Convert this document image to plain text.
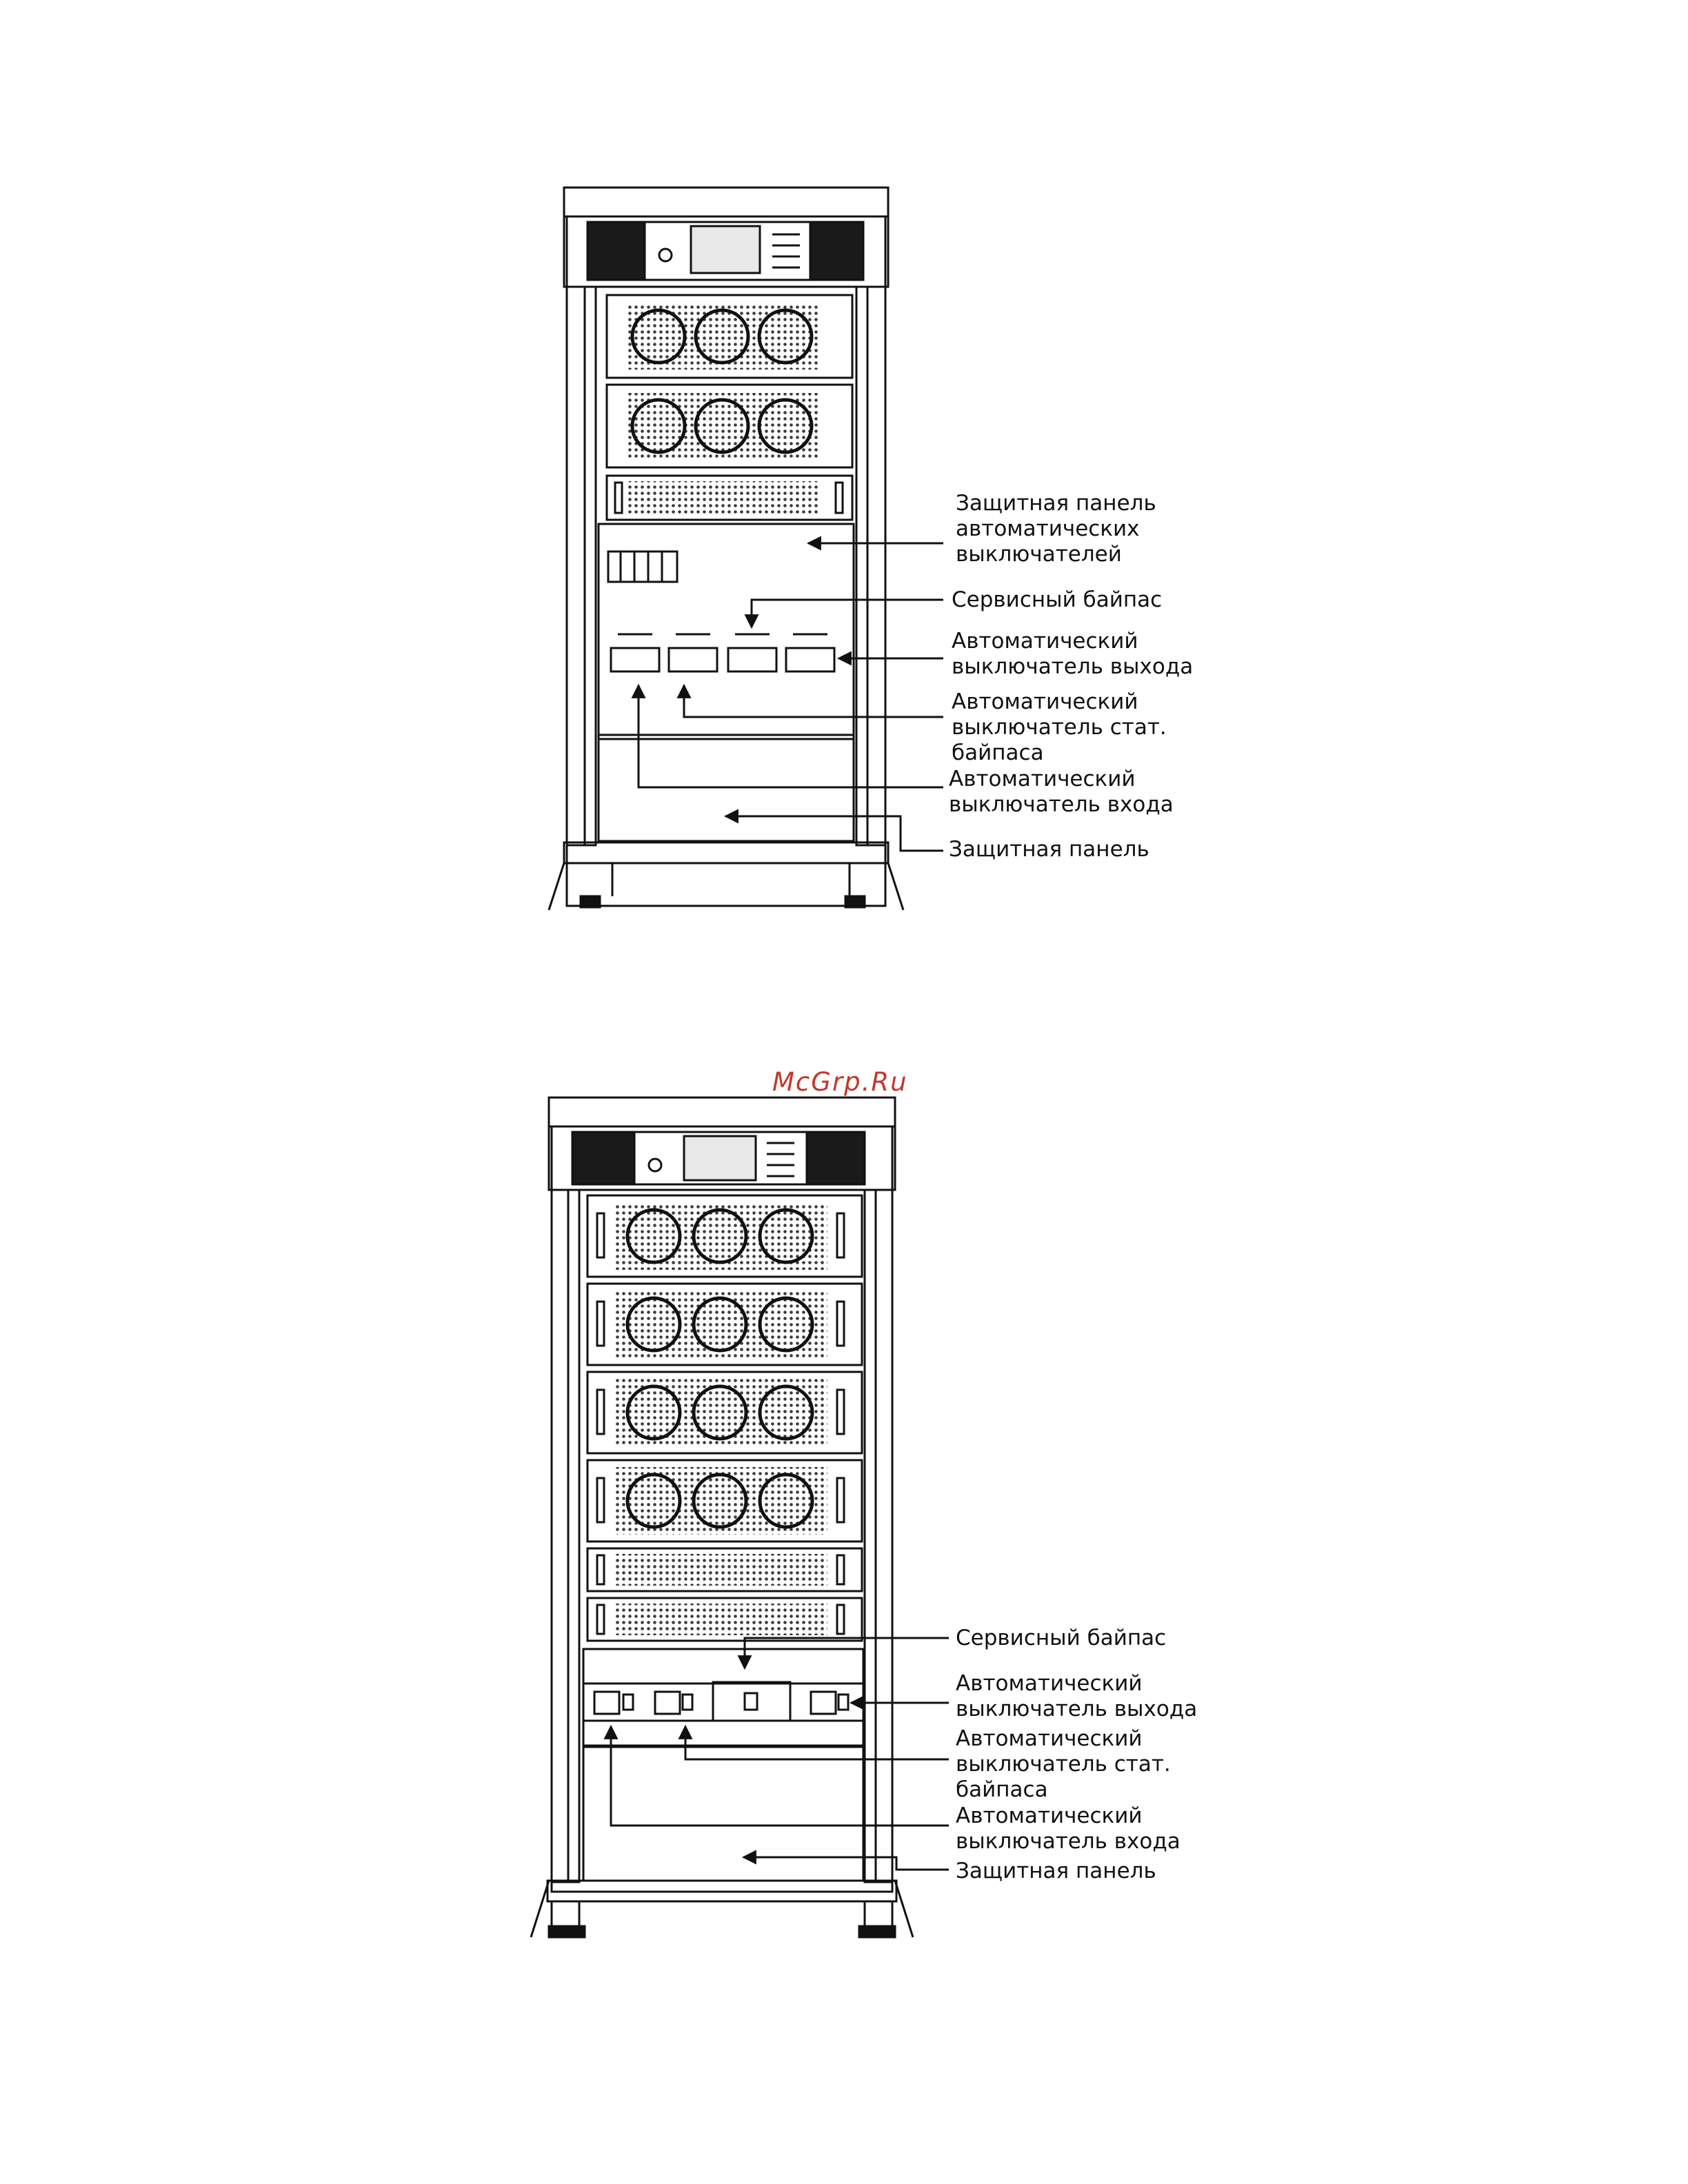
Защитная панель
автоматических
выключателей
Сервисный байпас
Автоматический
выключатель выхода
Автоматический
выключатель стат.
байпаса
Автоматический
выключатель входа
Защитная панель
McGrp.Ru
Сервисный байпас
Автоматический
выключатель выхода
Автоматический
выключатель стат.
байпаса
Автоматический
выключатель входа
Защитная панель
